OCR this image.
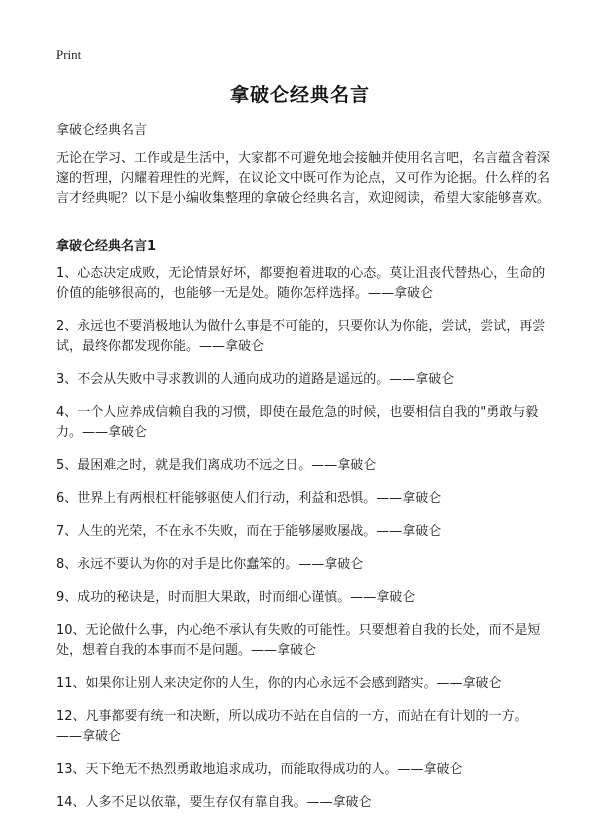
Print
拿破仑经典名言

拿破仑经典名言

无论在学习、工作或是生活中，大家都不可避免地会接触并使用名言吧，名言蕴含着深邃的哲理，闪耀着理性的光辉，在议论文中既可作为论点，又可作为论据。什么样的名言才经典呢？以下是小编收集整理的拿破仑经典名言，欢迎阅读，希望大家能够喜欢。

拿破仑经典名言1
1、心态决定成败，无论情景好坏，都要抱着进取的心态。莫让沮丧代替热心，生命的价值的能够很高的，也能够一无是处。随你怎样选择。——拿破仑
2、永远也不要消极地认为做什么事是不可能的，只要你认为你能，尝试，尝试，再尝试，最终你都发现你能。——拿破仑
3、不会从失败中寻求教训的人通向成功的道路是遥远的。——拿破仑
4、一个人应养成信赖自我的习惯，即使在最危急的时候，也要相信自我的"勇敢与毅力。——拿破仑
5、最困难之时，就是我们离成功不远之日。——拿破仑
6、世界上有两根杠杆能够驱使人们行动，利益和恐惧。——拿破仑
7、人生的光荣，不在永不失败，而在于能够屡败屡战。——拿破仑
8、永远不要认为你的对手是比你蠢笨的。——拿破仑
9、成功的秘诀是，时而胆大果敢，时而细心谨慎。——拿破仑
10、无论做什么事，内心绝不承认有失败的可能性。只要想着自我的长处，而不是短处，想着自我的本事而不是问题。——拿破仑
11、如果你让别人来决定你的人生，你的内心永远不会感到踏实。——拿破仑
12、凡事都要有统一和决断，所以成功不站在自信的一方，而站在有计划的一方。——拿破仑
13、天下绝无不热烈勇敢地追求成功，而能取得成功的人。——拿破仑
14、人多不足以依靠，要生存仅有靠自我。——拿破仑
